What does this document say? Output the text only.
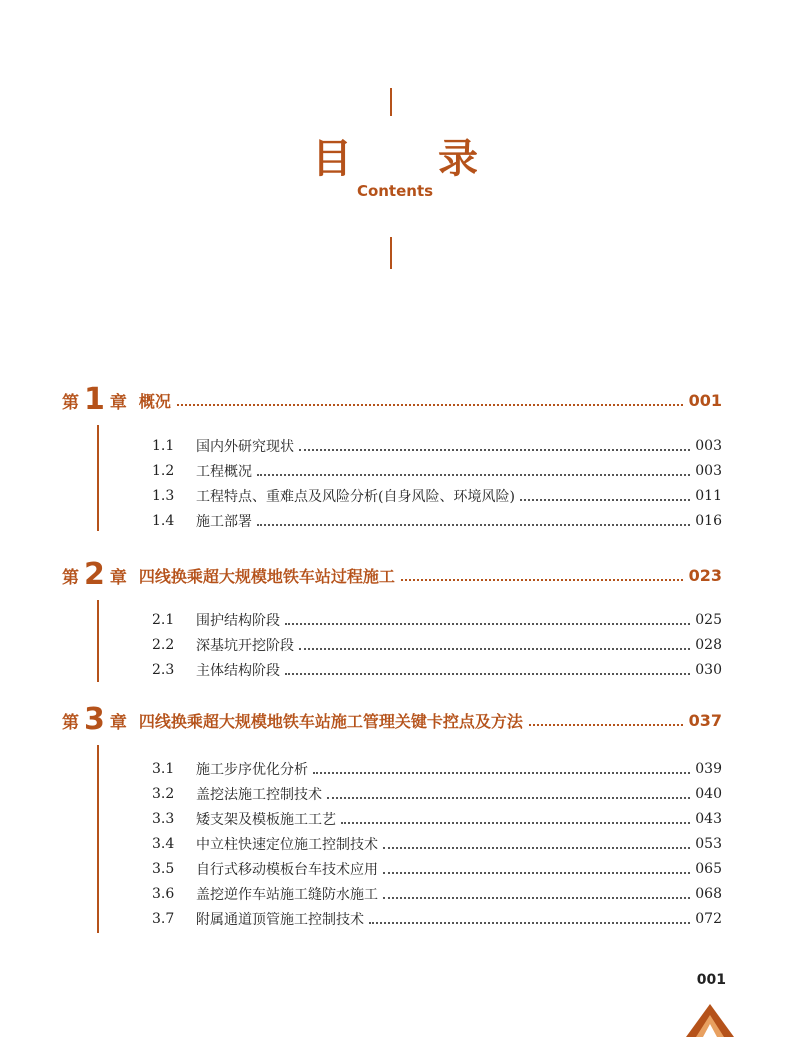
目录
Contents
第 1 章 概况	001
1.1	国内外研究现状	003
1.2	工程概况	003
1.3	工程特点、重难点及风险分析(自身风险、环境风险)	011
1.4	施工部署	016
第 2 章 四线换乘超大规模地铁车站过程施工	023
2.1	围护结构阶段	025
2.2	深基坑开挖阶段	028
2.3	主体结构阶段	030
第 3 章 四线换乘超大规模地铁车站施工管理关键卡控点及方法	037
3.1	施工步序优化分析	039
3.2	盖挖法施工控制技术	040
3.3	矮支架及模板施工工艺	043
3.4	中立柱快速定位施工控制技术	053
3.5	自行式移动模板台车技术应用	065
3.6	盖挖逆作车站施工缝防水施工	068
3.7	附属通道顶管施工控制技术	072
001
